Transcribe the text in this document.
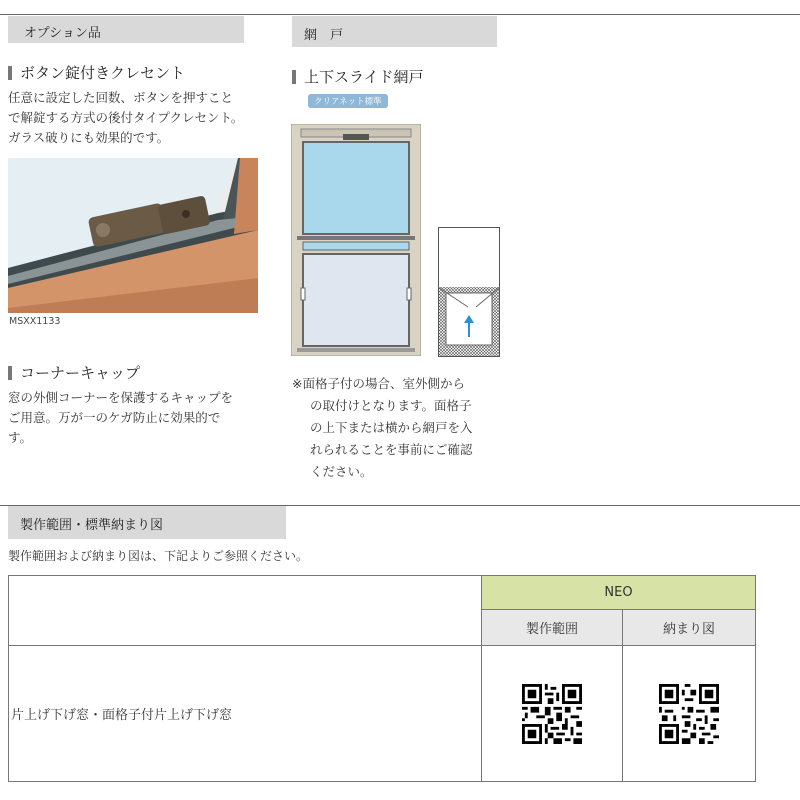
オプション品
ボタン錠付きクレセント
任意に設定した回数、ボタンを押すこと
で解錠する方式の後付タイプクレセント。
ガラス破りにも効果的です。
MSXX1133
コーナーキャップ
窓の外側コーナーを保護するキャップを
ご用意。万が一のケガ防止に効果的で
す。
網　戸
上下スライド網戸
クリアネット標準
※面格子付の場合、室外側から
の取付けとなります。面格子
の上下または横から網戸を入
れられることを事前にご確認
ください。
製作範囲・標準納まり図
製作範囲および納まり図は、下記よりご参照ください。
	NEO	
	製作範囲	納まり図
片上げ下げ窓・面格子付片上げ下げ窓	
